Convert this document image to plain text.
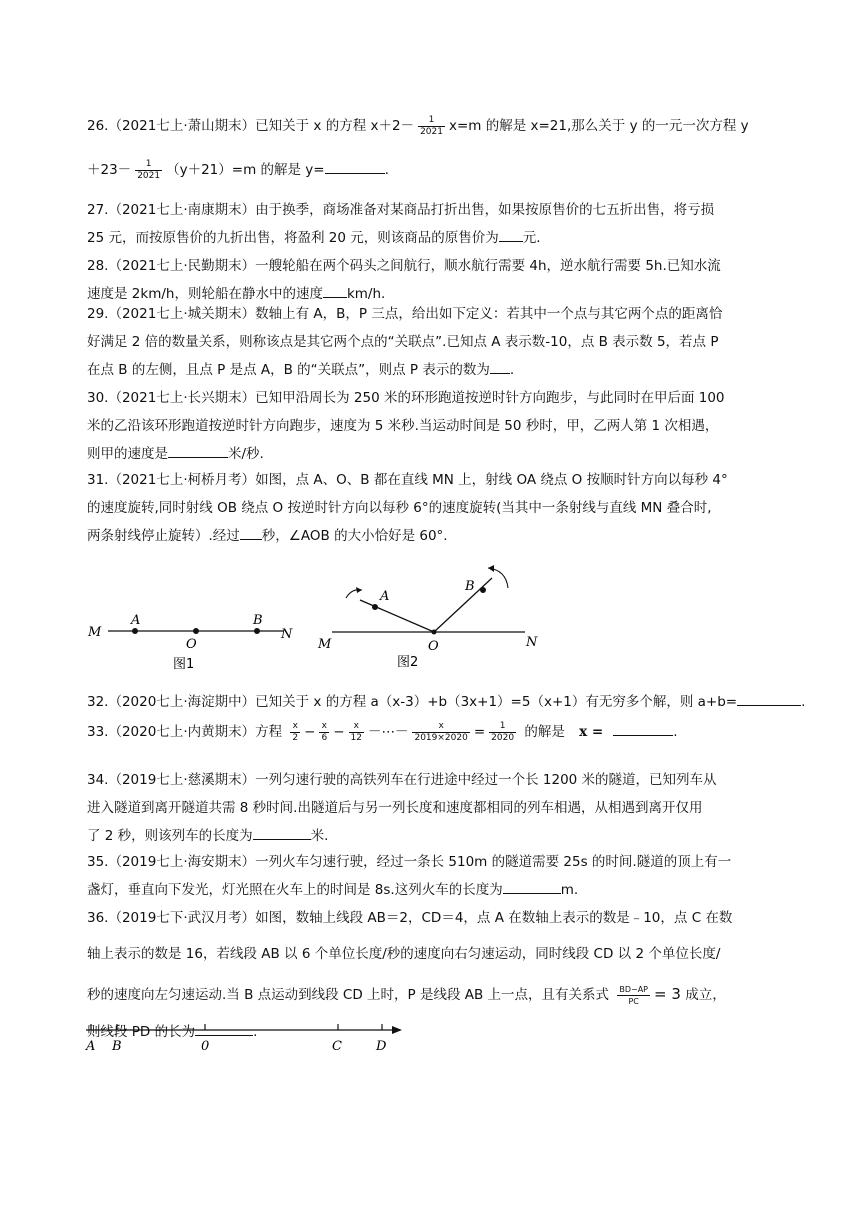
26.（2021七上·萧山期末）已知关于 x 的方程 $x+2- \frac{1}{2021} x=m$ 的解是 x=21,那么关于 y 的一元一次方程 y
$+23- \frac{1}{2021} (y+21)=m$ 的解是 y=	.
27.（2021七上·南康期末）由于换季，商场准备对某商品打折出售，如果按原售价的七五折出售，将亏损
25 元，而按原售价的九折出售，将盈利 20 元，则该商品的原售价为 元.
28.（2021七上·民勤期末）一艘轮船在两个码头之间航行，顺水航行需要 4h，逆水航行需要 5h.已知水流
速度是 2km/h，则轮船在静水中的速度 km/h.
29.（2021七上·城关期末）数轴上有 A，B，P 三点，给出如下定义：若其中一个点与其它两个点的距离恰
好满足 2 倍的数量关系，则称该点是其它两个点的“关联点”.已知点 A 表示数-10，点 B 表示数 5，若点 P
在点 B 的左侧，且点 P 是点 A，B 的“关联点”，则点 P 表示的数为 .
30.（2021七上·长兴期末）已知甲沿周长为 250 米的环形跑道按逆时针方向跑步，与此同时在甲后面 100
米的乙沿该环形跑道按逆时针方向跑步，速度为 5 米秒.当运动时间是 50 秒时，甲，乙两人第 1 次相遇，
则甲的速度是	米/秒.
31.（2021七上·柯桥月考）如图，点 A、O、B 都在直线 MN 上，射线 OA 绕点 O 按顺时针方向以每秒 4°
的速度旋转,同时射线 OB 绕点 O 按逆时针方向以每秒 6°的速度旋转(当其中一条射线与直线 MN 叠合时,
两条射线停止旋转）.经过 秒，∠AOB 的大小恰好是 60°.
M
A
O
B
N
图1
M
A
O
B
N
图2
32.（2020七上·海淀期中）已知关于 x 的方程 a（x-3）+b（3x+1）=5（x+1）有无穷多个解，则 a+b=	.
33.（2020七上·内黄期末）方程 $\frac{x}{2} - \frac{x}{6} - \frac{x}{12}$ －⋯－ $\frac{x}{2019\times 2020} = \frac{1}{2020}$ 的解是 x =	.
34.（2019七上·慈溪期末）一列匀速行驶的高铁列车在行进途中经过一个长 1200 米的隧道，已知列车从
进入隧道到离开隧道共需 8 秒时间.出隧道后与另一列长度和速度都相同的列车相遇，从相遇到离开仅用
了 2 秒，则该列车的长度为	米.
35.（2019七上·海安期末）一列火车匀速行驶，经过一条长 510m 的隧道需要 25s 的时间.隧道的顶上有一
盏灯，垂直向下发光，灯光照在火车上的时间是 8s.这列火车的长度为	m.
36.（2019七下·武汉月考）如图，数轴上线段 AB＝2，CD＝4，点 A 在数轴上表示的数是﹣10，点 C 在数
轴上表示的数是 16，若线段 AB 以 6 个单位长度/秒的速度向右匀速运动，同时线段 CD 以 2 个单位长度/
秒的速度向左匀速运动.当 B 点运动到线段 CD 上时，P 是线段 AB 上一点，且有关系式 $\frac{BD-AP}{PC} = 3$ 成立，
则线段 PD 的长为	.
A B	0	C	D
